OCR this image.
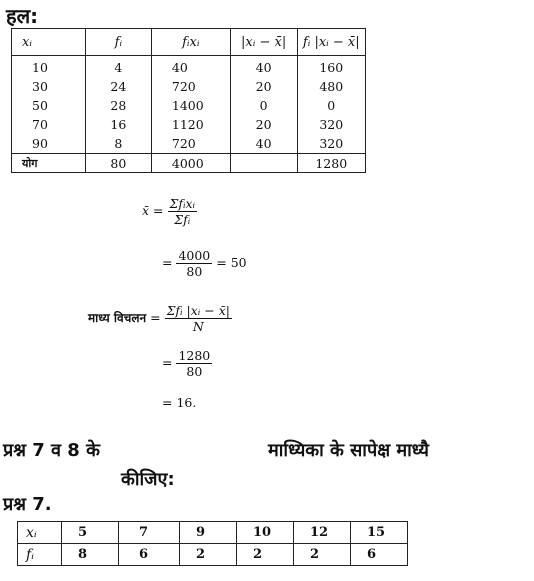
हल:
xᵢ	fᵢ	fᵢxᵢ	|xᵢ − x̄|	fᵢ |xᵢ − x̄|
10	4	40	40	160
30	24	720	20	480
50	28	1400	0	0
70	16	1120	20	320
90	8	720	40	320
योग	80	4000		1280
x̄ = $\frac{\text{Σfᵢxᵢ}}{\text{Σfᵢ}}$
= $\frac{4000}{80} = 50$
माध्य विचलन = $\frac{\text{Σfᵢ |xᵢ − x̄|}}{N}$
= $\frac{1280}{80}$
= 16.
प्रश्न 7 व 8 के	माध्यिका के सापेक्ष माध्यै
कीजिए:
प्रश्न 7.
xᵢ	5	7	9	10	12	15
fᵢ	8	6	2	2	2	6
